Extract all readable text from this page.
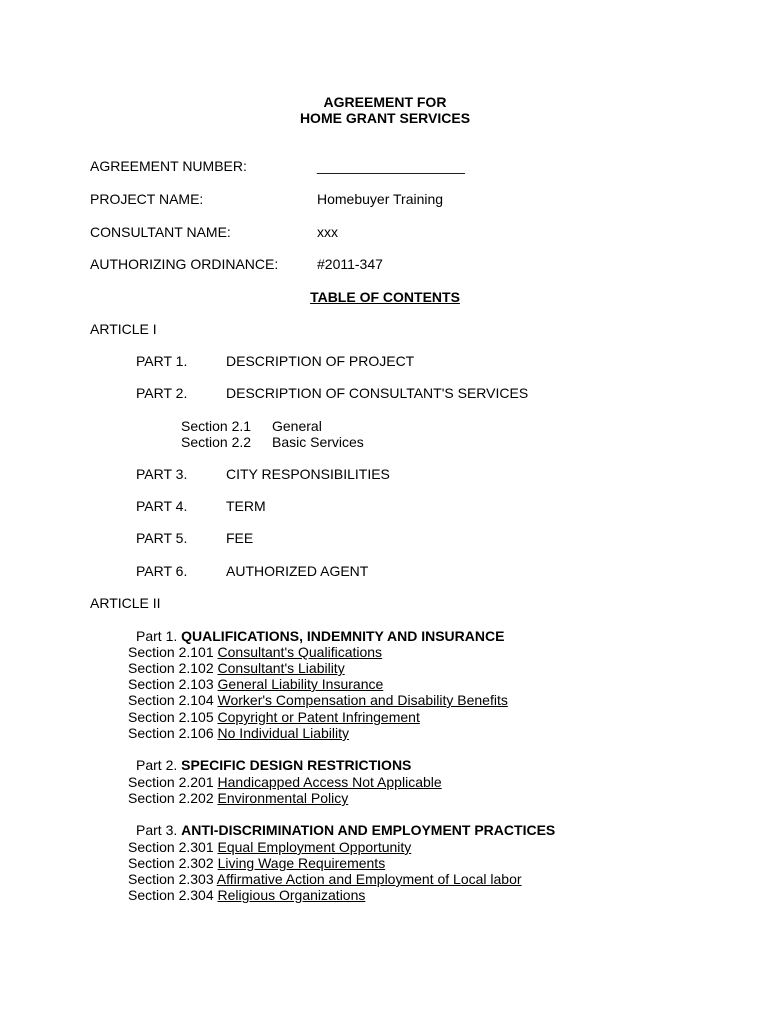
AGREEMENT FOR
HOME GRANT SERVICES
AGREEMENT NUMBER:	___________________
PROJECT NAME:	Homebuyer Training
CONSULTANT NAME:	xxx
AUTHORIZING ORDINANCE:	#2011-347
TABLE OF CONTENTS
ARTICLE I
PART 1.	DESCRIPTION OF PROJECT
PART 2.	DESCRIPTION OF CONSULTANT'S SERVICES
Section 2.1 General
Section 2.2 Basic Services
PART 3.	CITY RESPONSIBILITIES
PART 4.	TERM
PART 5.	FEE
PART 6.	AUTHORIZED AGENT
ARTICLE II
Part 1. QUALIFICATIONS, INDEMNITY AND INSURANCE
Section 2.101 Consultant's Qualifications
Section 2.102 Consultant's Liability
Section 2.103 General Liability Insurance
Section 2.104 Worker's Compensation and Disability Benefits
Section 2.105 Copyright or Patent Infringement
Section 2.106 No Individual Liability
Part 2. SPECIFIC DESIGN RESTRICTIONS
Section 2.201 Handicapped Access Not Applicable
Section 2.202 Environmental Policy
Part 3. ANTI-DISCRIMINATION AND EMPLOYMENT PRACTICES
Section 2.301 Equal Employment Opportunity
Section 2.302 Living Wage Requirements
Section 2.303 Affirmative Action and Employment of Local labor
Section 2.304 Religious Organizations
